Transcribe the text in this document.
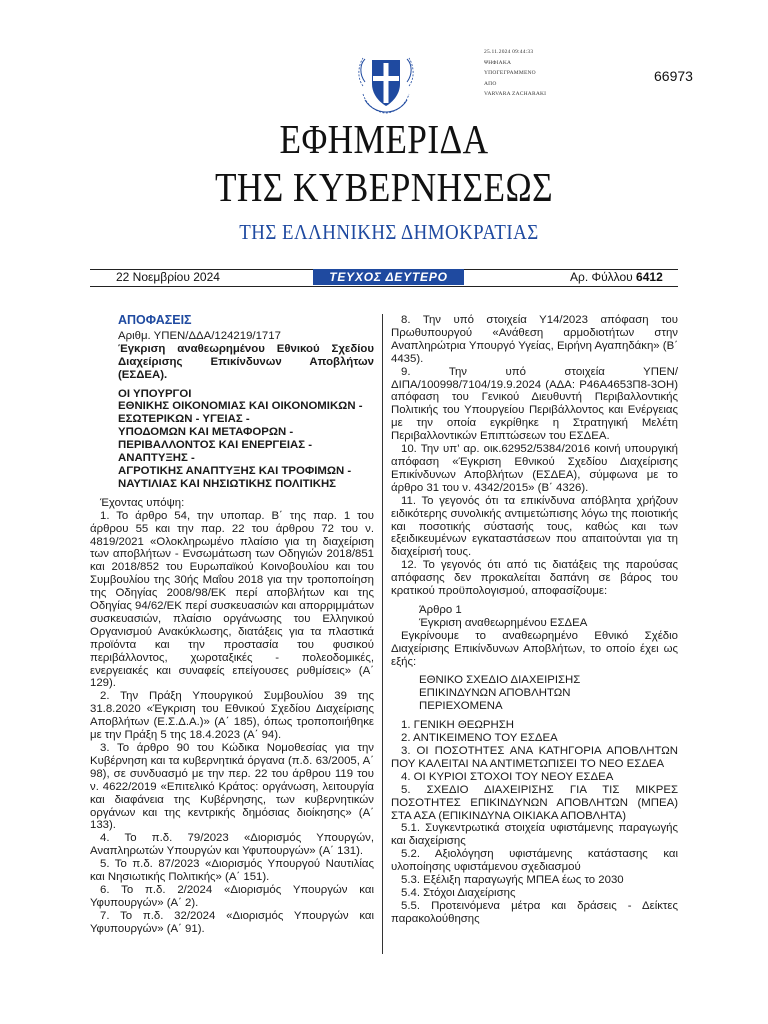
25.11.2024 09:44:33
ΨΗΦΙΑΚΑ
ΥΠΟΓΕΓΡΑΜΜΕΝΟ
ΑΠΟ
VARVARA ZACHARAKI
66973
ΕΦΗΜΕΡΙΔΑ
ΤΗΣ ΚΥΒΕΡΝΗΣΕΩΣ
ΤΗΣ ΕΛΛΗΝΙΚΗΣ ΔΗΜΟΚΡΑΤΙΑΣ
22 Νοεμβρίου 2024	ΤΕΥΧΟΣ ΔΕΥΤΕΡΟ	Αρ. Φύλλου 6412

ΑΠΟΦΑΣΕΙΣ

Αριθμ. ΥΠΕΝ/ΔΔΑ/124219/1717

Έγκριση αναθεωρημένου Εθνικού Σχεδίου Διαχείρισης Επικίνδυνων Αποβλήτων (ΕΣΔΕΑ).

ΟΙ ΥΠΟΥΡΓΟΙ
ΕΘΝΙΚΗΣ ΟΙΚΟΝΟΜΙΑΣ ΚΑΙ ΟΙΚΟΝΟΜΙΚΩΝ -
ΕΣΩΤΕΡΙΚΩΝ - ΥΓΕΙΑΣ -
ΥΠΟΔΟΜΩΝ ΚΑΙ ΜΕΤΑΦΟΡΩΝ -
ΠΕΡΙΒΑΛΛΟΝΤΟΣ ΚΑΙ ΕΝΕΡΓΕΙΑΣ - ΑΝΑΠΤΥΞΗΣ -
ΑΓΡΟΤΙΚΗΣ ΑΝΑΠΤΥΞΗΣ ΚΑΙ ΤΡΟΦΙΜΩΝ -
ΝΑΥΤΙΛΙΑΣ ΚΑΙ ΝΗΣΙΩΤΙΚΗΣ ΠΟΛΙΤΙΚΗΣ

Έχοντας υπόψη:

1. Το άρθρο 54, την υποπαρ. Β΄ της παρ. 1 του άρθρου 55 και την παρ. 22 του άρθρου 72 του ν. 4819/2021 «Ολοκληρωμένο πλαίσιο για τη διαχείριση των αποβλήτων - Ενσωμάτωση των Οδηγιών 2018/851 και 2018/852 του Ευρωπαϊκού Κοινοβουλίου και του Συμβουλίου της 30ής Μαΐου 2018 για την τροποποίηση της Οδηγίας 2008/98/ΕΚ περί αποβλήτων και της Οδηγίας 94/62/ΕΚ περί συσκευασιών και απορριμμάτων συσκευασιών, πλαίσιο οργάνωσης του Ελληνικού Οργανισμού Ανακύκλωσης, διατάξεις για τα πλαστικά προϊόντα και την προστασία του φυσικού περιβάλλοντος, χωροταξικές - πολεοδομικές, ενεργειακές και συναφείς επείγουσες ρυθμίσεις» (Α΄ 129).

2. Την Πράξη Υπουργικού Συμβουλίου 39 της 31.8.2020 «Έγκριση του Εθνικού Σχεδίου Διαχείρισης Αποβλήτων (Ε.Σ.Δ.Α.)» (Α΄ 185), όπως τροποποιήθηκε με την Πράξη 5 της 18.4.2023 (Α΄ 94).

3. Το άρθρο 90 του Κώδικα Νομοθεσίας για την Κυβέρνηση και τα κυβερνητικά όργανα (π.δ. 63/2005, Α΄ 98), σε συνδυασμό με την περ. 22 του άρθρου 119 του ν. 4622/2019 «Επιτελικό Κράτος: οργάνωση, λειτουργία και διαφάνεια της Κυβέρνησης, των κυβερνητικών οργάνων και της κεντρικής δημόσιας διοίκησης» (Α΄ 133).

4. Το π.δ. 79/2023 «Διορισμός Υπουργών, Αναπληρωτών Υπουργών και Υφυπουργών» (Α΄ 131).

5. Το π.δ. 87/2023 «Διορισμός Υπουργού Ναυτιλίας και Νησιωτικής Πολιτικής» (Α΄ 151).

6. Το π.δ. 2/2024 «Διορισμός Υπουργών και Υφυπουργών» (Α΄ 2).

7. Το π.δ. 32/2024 «Διορισμός Υπουργών και Υφυπουργών» (Α΄ 91).

8. Την υπό στοιχεία Υ14/2023 απόφαση του Πρωθυπουργού «Ανάθεση αρμοδιοτήτων στην Αναπληρώτρια Υπουργό Υγείας, Ειρήνη Αγαπηδάκη» (Β΄ 4435).

9. Την υπό στοιχεία ΥΠΕΝ/ΔΙΠΑ/100998/7104/19.9.2024 (ΑΔΑ: Ρ46Α4653Π8-3ΟΗ) απόφαση του Γενικού Διευθυντή Περιβαλλοντικής Πολιτικής του Υπουργείου Περιβάλλοντος και Ενέργειας με την οποία εγκρίθηκε η Στρατηγική Μελέτη Περιβαλλοντικών Επιπτώσεων του ΕΣΔΕΑ.

10. Την υπ’ αρ. οικ.62952/5384/2016 κοινή υπουργική απόφαση «Έγκριση Εθνικού Σχεδίου Διαχείρισης Επικίνδυνων Αποβλήτων (ΕΣΔΕΑ), σύμφωνα με το άρθρο 31 του ν. 4342/2015» (Β΄ 4326).

11. Το γεγονός ότι τα επικίνδυνα απόβλητα χρήζουν ειδικότερης συνολικής αντιμετώπισης λόγω της ποιοτικής και ποσοτικής σύστασής τους, καθώς και των εξειδικευμένων εγκαταστάσεων που απαιτούνται για τη διαχείρισή τους.

12. Το γεγονός ότι από τις διατάξεις της παρούσας απόφασης δεν προκαλείται δαπάνη σε βάρος του κρατικού προϋπολογισμού, αποφασίζουμε:

Άρθρο 1

Έγκριση αναθεωρημένου ΕΣΔΕΑ

Εγκρίνουμε το αναθεωρημένο Εθνικό Σχέδιο Διαχείρισης Επικίνδυνων Αποβλήτων, το οποίο έχει ως εξής:

ΕΘΝΙΚΟ ΣΧΕΔΙΟ ΔΙΑΧΕΙΡΙΣΗΣ
ΕΠΙΚΙΝΔΥΝΩΝ ΑΠΟΒΛΗΤΩΝ
ΠΕΡΙΕΧΟΜΕΝΑ

1. ΓΕΝΙΚΗ ΘΕΩΡΗΣΗ

2. ΑΝΤΙΚΕΙΜΕΝΟ ΤΟΥ ΕΣΔΕΑ

3. ΟΙ ΠΟΣΟΤΗΤΕΣ ΑΝΑ ΚΑΤΗΓΟΡΙΑ ΑΠΟΒΛΗΤΩΝ ΠΟΥ ΚΑΛΕΙΤΑΙ ΝΑ ΑΝΤΙΜΕΤΩΠΙΣΕΙ ΤΟ ΝΕΟ ΕΣΔΕΑ

4. ΟΙ ΚΥΡΙΟΙ ΣΤΟΧΟΙ ΤΟΥ ΝΕΟΥ ΕΣΔΕΑ

5. ΣΧΕΔΙΟ ΔΙΑΧΕΙΡΙΣΗΣ ΓΙΑ ΤΙΣ ΜΙΚΡΕΣ ΠΟΣΟΤΗΤΕΣ ΕΠΙΚΙΝΔΥΝΩΝ ΑΠΟΒΛΗΤΩΝ (ΜΠΕΑ) ΣΤΑ ΑΣΑ (ΕΠΙΚΙΝΔΥΝΑ ΟΙΚΙΑΚΑ ΑΠΟΒΛΗΤΑ)

5.1. Συγκεντρωτικά στοιχεία υφιστάμενης παραγωγής και διαχείρισης

5.2. Αξιολόγηση υφιστάμενης κατάστασης και υλοποίησης υφιστάμενου σχεδιασμού

5.3. Εξέλιξη παραγωγής ΜΠΕΑ έως το 2030

5.4. Στόχοι Διαχείρισης

5.5. Προτεινόμενα μέτρα και δράσεις - Δείκτες παρακολούθησης
